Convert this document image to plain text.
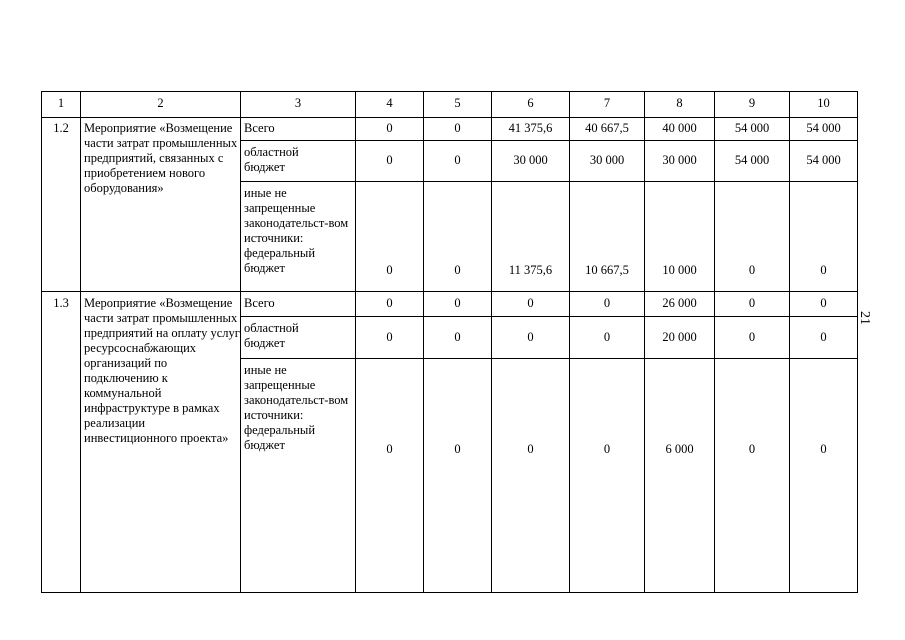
1	2	3	4	5	6	7	8	9	10
1.2	Мероприятие «Возмещение части затрат промышленных предприятий, связанных с приобретением нового оборудования»
Всего	0	0	41 375,6	40 667,5	40 000	54 000	54 000
областной бюджет	0	0	30 000	30 000	30 000	54 000	54 000
иные не запрещенные законодательст-вом источники: федеральный бюджет	0	0	11 375,6	10 667,5	10 000	0	0
1.3	Мероприятие «Возмещение части затрат промышленных предприятий на оплату услуг ресурсоснабжающих организаций по подключению к коммунальной инфраструктуре в рамках реализации инвестиционного проекта»
Всего	0	0	0	0	26 000	0	0
областной бюджет	0	0	0	0	20 000	0	0
иные не запрещенные законодательст-вом источники: федеральный бюджет	0	0	0	0	6 000	0	0
21
